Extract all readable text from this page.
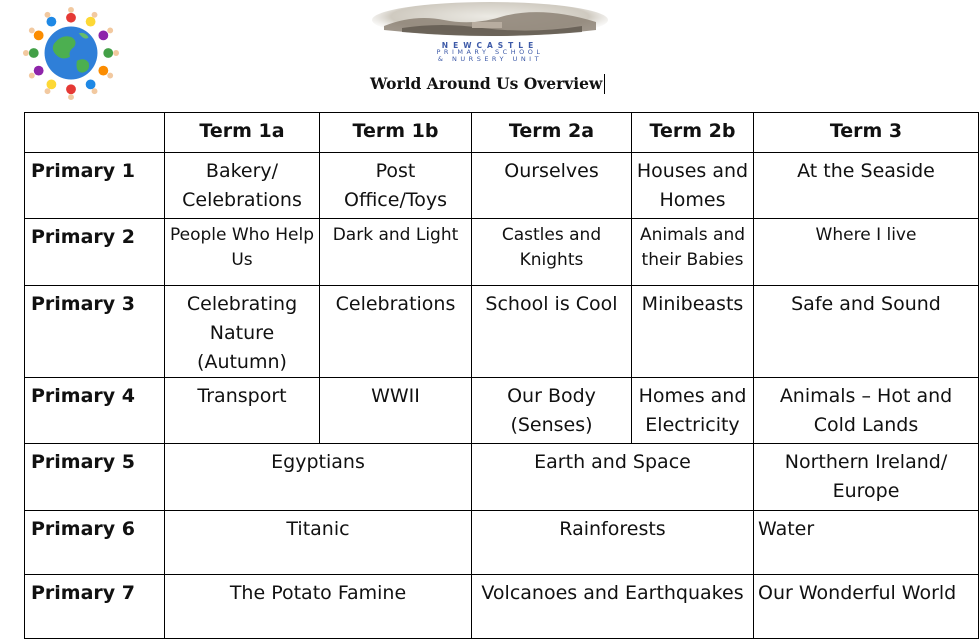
NEWCASTLE
PRIMARY SCHOOL
& NURSERY UNIT
World Around Us Overview
	Term 1a	Term 1b	Term 2a	Term 2b	Term 3
Primary 1	Bakery/ Celebrations	Post Office/Toys	Ourselves	Houses and Homes	At the Seaside
Primary 2	People Who Help Us	Dark and Light	Castles and Knights	Animals and their Babies	Where I live
Primary 3	Celebrating Nature (Autumn)	Celebrations	School is Cool	Minibeasts	Safe and Sound
Primary 4	Transport	WWII	Our Body (Senses)	Homes and Electricity	Animals – Hot and Cold Lands
Primary 5	Egyptians		Earth and Space		Northern Ireland/ Europe
Primary 6	Titanic		Rainforests		Water
Primary 7	The Potato Famine		Volcanoes and Earthquakes		Our Wonderful World
